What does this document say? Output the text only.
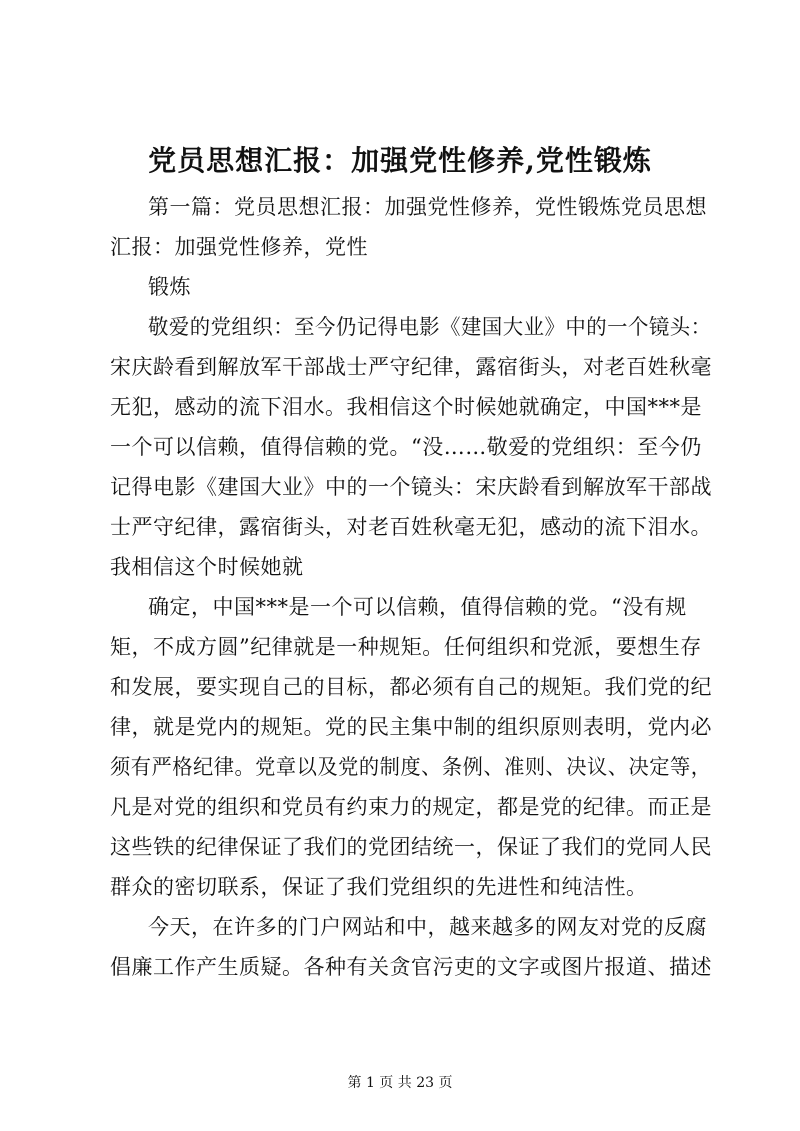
党员思想汇报：加强党性修养,党性锻炼
第一篇：党员思想汇报：加强党性修养，党性锻炼党员思想
汇报：加强党性修养，党性
锻炼
敬爱的党组织：至今仍记得电影《建国大业》中的一个镜头：
宋庆龄看到解放军干部战士严守纪律，露宿街头，对老百姓秋毫
无犯，感动的流下泪水。我相信这个时候她就确定，中国***是
一个可以信赖，值得信赖的党。“没……敬爱的党组织：至今仍
记得电影《建国大业》中的一个镜头：宋庆龄看到解放军干部战
士严守纪律，露宿街头，对老百姓秋毫无犯，感动的流下泪水。
我相信这个时候她就
确定，中国***是一个可以信赖，值得信赖的党。“没有规
矩，不成方圆”纪律就是一种规矩。任何组织和党派，要想生存
和发展，要实现自己的目标，都必须有自己的规矩。我们党的纪
律，就是党内的规矩。党的民主集中制的组织原则表明，党内必
须有严格纪律。党章以及党的制度、条例、准则、决议、决定等，
凡是对党的组织和党员有约束力的规定，都是党的纪律。而正是
这些铁的纪律保证了我们的党团结统一，保证了我们的党同人民
群众的密切联系，保证了我们党组织的先进性和纯洁性。
今天，在许多的门户网站和中，越来越多的网友对党的反腐
倡廉工作产生质疑。各种有关贪官污吏的文字或图片报道、描述
第 1 页 共 23 页
